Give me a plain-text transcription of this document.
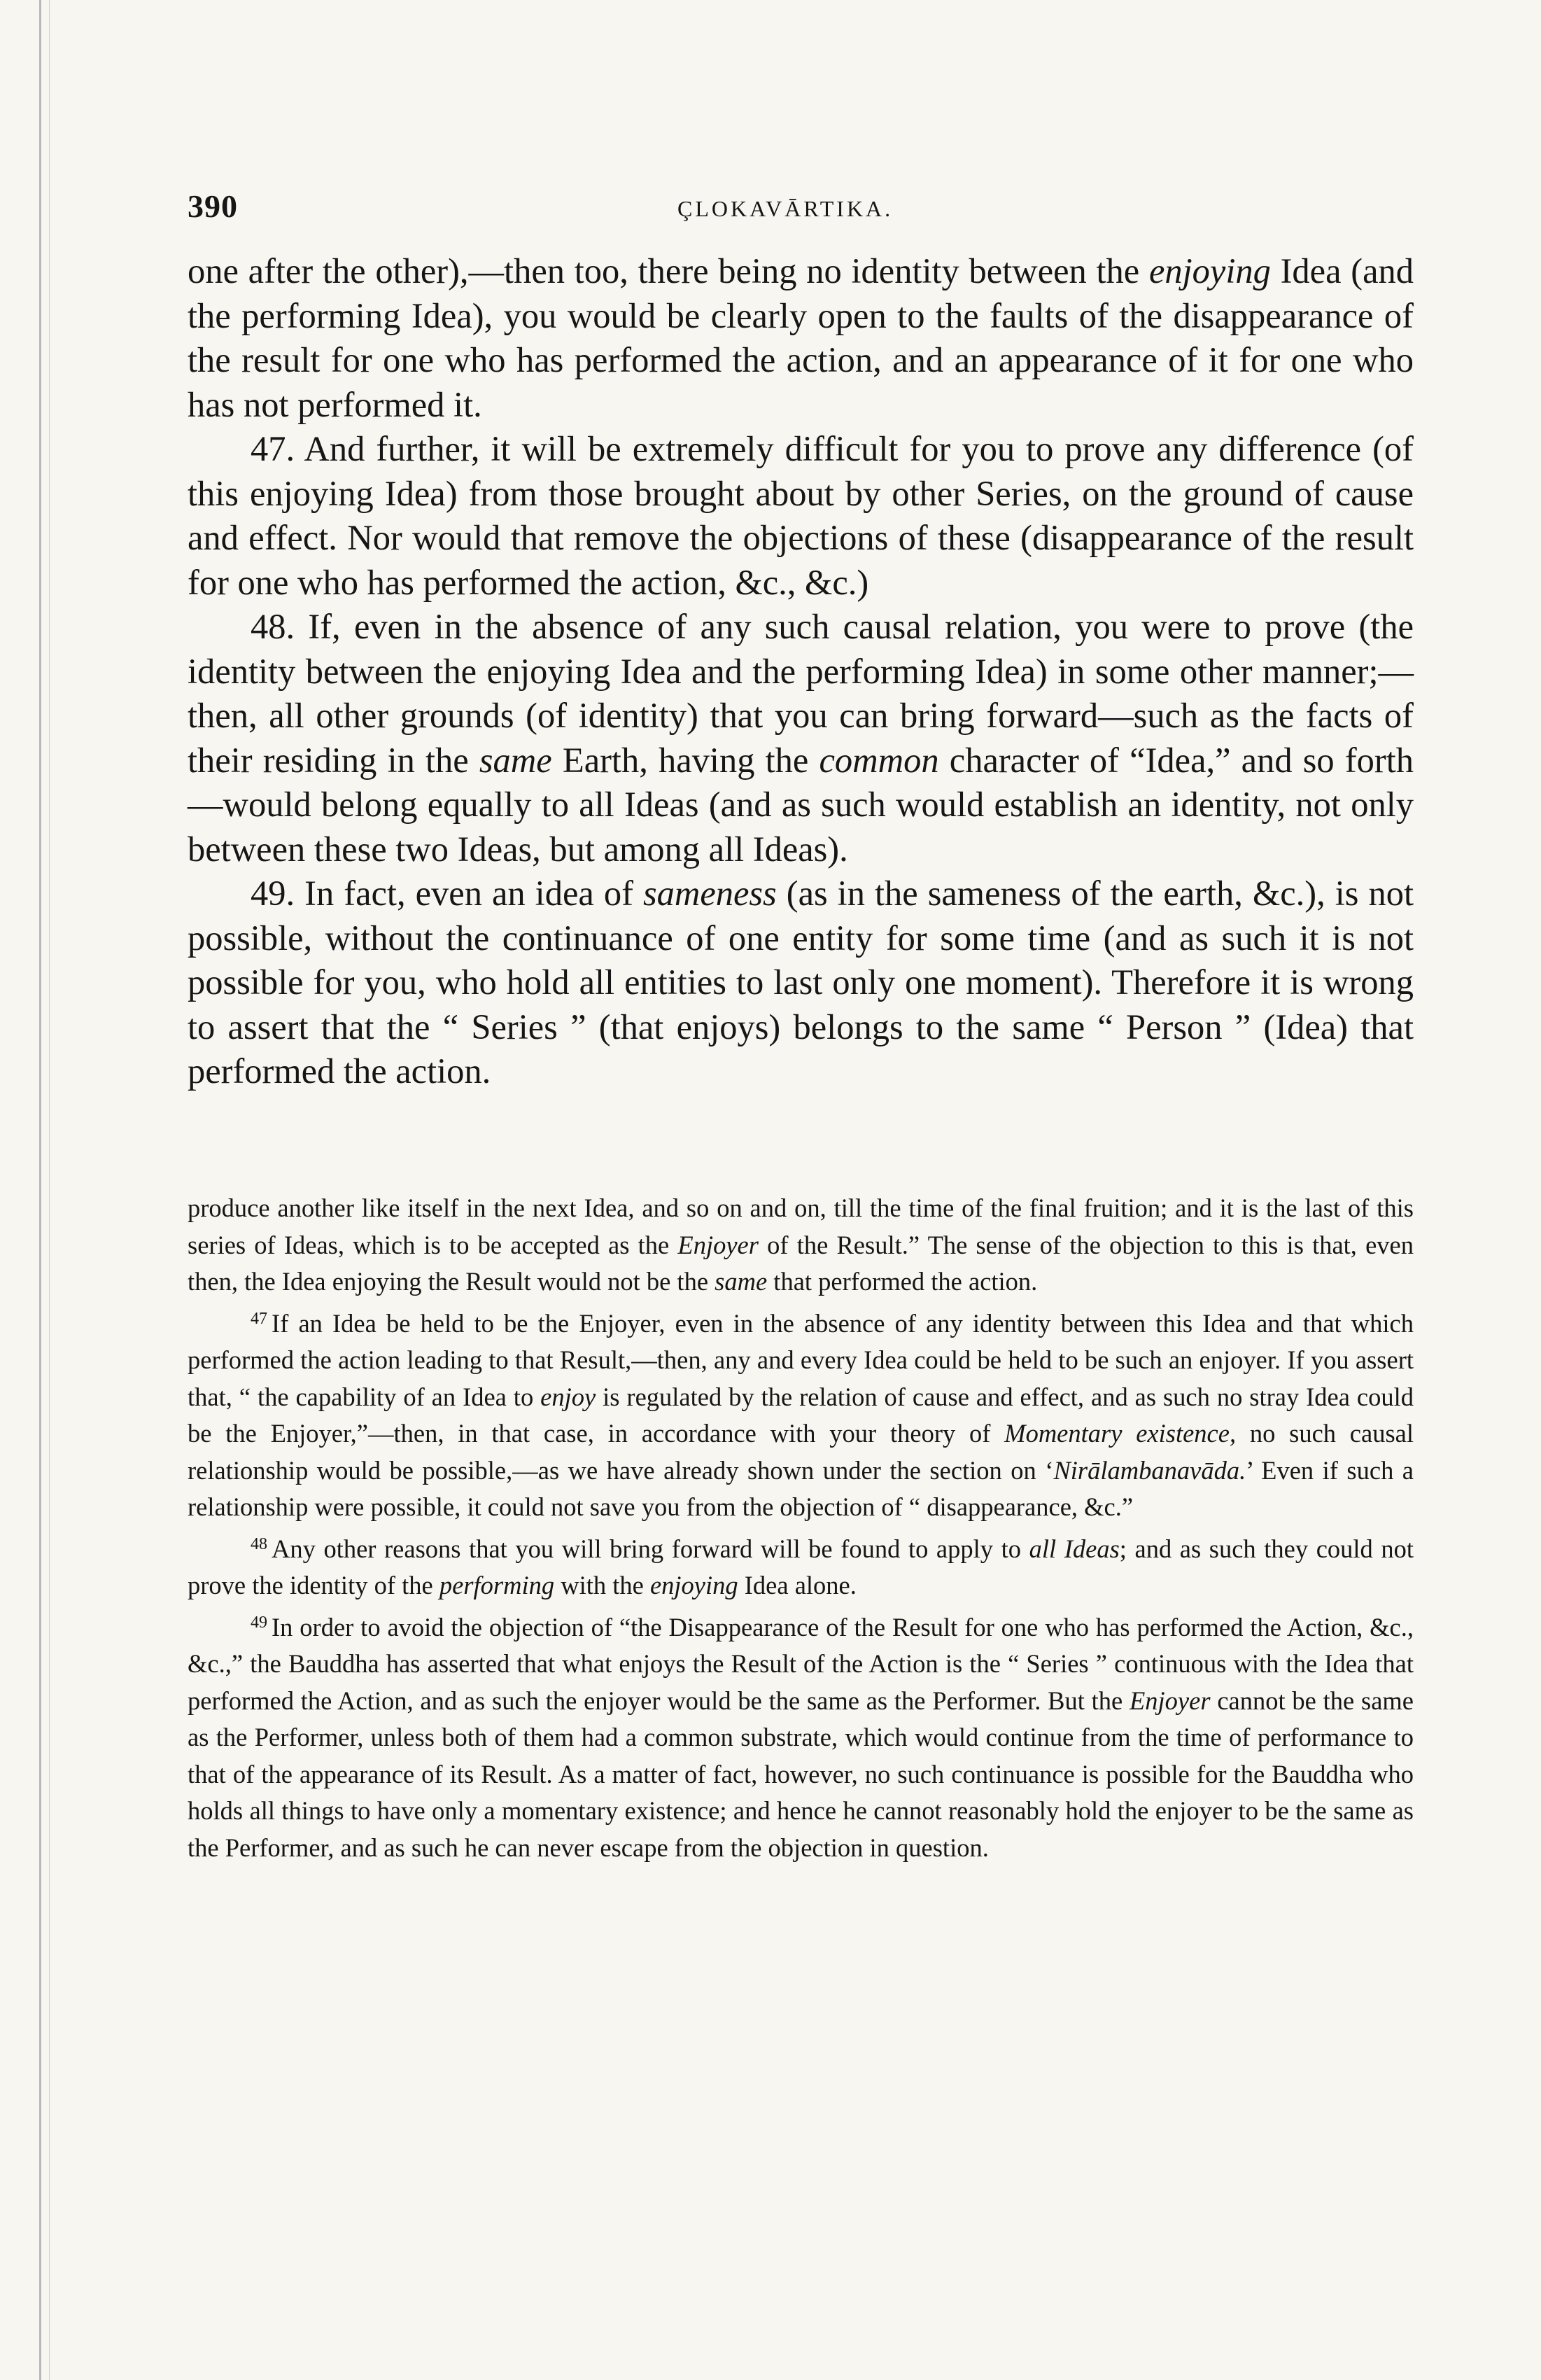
390	ÇLOKAVĀRTIKA.

one after the other),—then too, there being no identity between the enjoying Idea (and the performing Idea), you would be clearly open to the faults of the disappearance of the result for one who has performed the action, and an appearance of it for one who has not performed it.

47. And further, it will be extremely difficult for you to prove any difference (of this enjoying Idea) from those brought about by other Series, on the ground of cause and effect. Nor would that remove the objections of these (disappearance of the result for one who has performed the action, &c., &c.)

48. If, even in the absence of any such causal relation, you were to prove (the identity between the enjoying Idea and the performing Idea) in some other manner;—then, all other grounds (of identity) that you can bring forward—such as the facts of their residing in the same Earth, having the common character of “Idea,” and so forth—would belong equally to all Ideas (and as such would establish an identity, not only between these two Ideas, but among all Ideas).

49. In fact, even an idea of sameness (as in the sameness of the earth, &c.), is not possible, without the continuance of one entity for some time (and as such it is not possible for you, who hold all entities to last only one moment). Therefore it is wrong to assert that the “ Series ” (that enjoys) belongs to the same “ Person ” (Idea) that performed the action.

produce another like itself in the next Idea, and so on and on, till the time of the final fruition; and it is the last of this series of Ideas, which is to be accepted as the Enjoyer of the Result.” The sense of the objection to this is that, even then, the Idea enjoying the Result would not be the same that performed the action.

$^{47}$ If an Idea be held to be the Enjoyer, even in the absence of any identity between this Idea and that which performed the action leading to that Result,—then, any and every Idea could be held to be such an enjoyer. If you assert that, “ the capability of an Idea to enjoy is regulated by the relation of cause and effect, and as such no stray Idea could be the Enjoyer,”—then, in that case, in accordance with your theory of Momentary existence, no such causal relationship would be possible,—as we have already shown under the section on ‘Nirālambanavāda.’ Even if such a relationship were possible, it could not save you from the objection of “ disappearance, &c.”

$^{48}$ Any other reasons that you will bring forward will be found to apply to all Ideas; and as such they could not prove the identity of the performing with the enjoying Idea alone.

$^{49}$ In order to avoid the objection of “the Disappearance of the Result for one who has performed the Action, &c., &c.,” the Bauddha has asserted that what enjoys the Result of the Action is the “ Series ” continuous with the Idea that performed the Action, and as such the enjoyer would be the same as the Performer. But the Enjoyer cannot be the same as the Performer, unless both of them had a common substrate, which would continue from the time of performance to that of the appearance of its Result. As a matter of fact, however, no such continuance is possible for the Bauddha who holds all things to have only a momentary existence; and hence he cannot reasonably hold the enjoyer to be the same as the Performer, and as such he can never escape from the objection in question.
